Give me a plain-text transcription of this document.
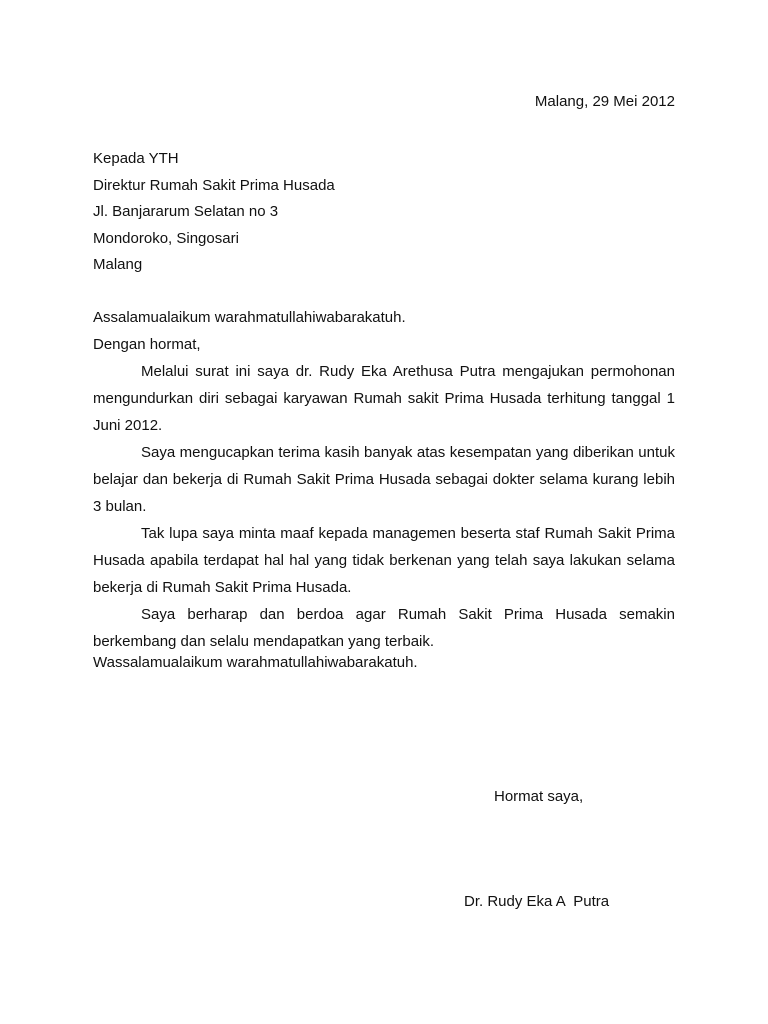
Malang, 29 Mei 2012
Kepada YTH
Direktur Rumah Sakit Prima Husada
Jl. Banjararum Selatan no 3
Mondoroko, Singosari
Malang
Assalamualaikum warahmatullahiwabarakatuh.
Dengan hormat,

Melalui surat ini saya dr. Rudy Eka Arethusa Putra mengajukan permohonan mengundurkan diri sebagai karyawan Rumah sakit Prima Husada terhitung tanggal 1 Juni 2012.

Saya mengucapkan terima kasih banyak atas kesempatan yang diberikan untuk belajar dan bekerja di Rumah Sakit Prima Husada sebagai dokter selama kurang lebih 3 bulan.

Tak lupa saya minta maaf kepada managemen beserta staf Rumah Sakit Prima Husada apabila terdapat hal hal yang tidak berkenan yang telah saya lakukan selama bekerja di Rumah Sakit Prima Husada.

Saya berharap dan berdoa agar Rumah Sakit Prima Husada semakin berkembang dan selalu mendapatkan yang terbaik.

Wassalamualaikum warahmatullahiwabarakatuh.
Hormat saya,
Dr. Rudy Eka A  Putra
